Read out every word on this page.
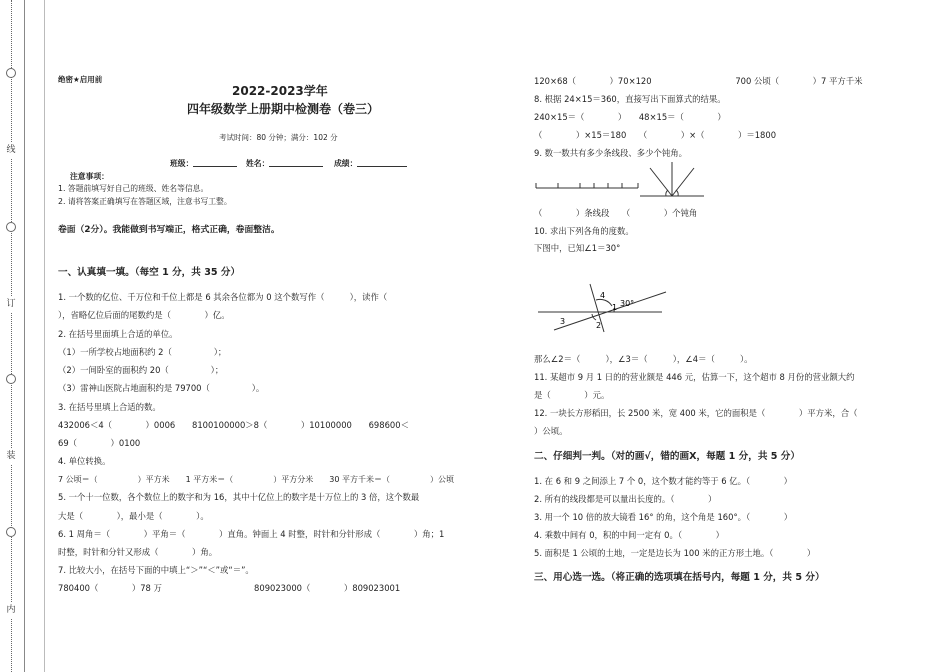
线
订
装
内
绝密★启用前
2022-2023学年
四年级数学上册期中检测卷（卷三）
考试时间：80 分钟；满分：102 分
班级：	姓名：	成绩：
注意事项：
1. 答题前填写好自己的班级、姓名等信息。
2. 请将答案正确填写在答题区域，注意书写工整。
卷面（2分）。我能做到书写端正，格式正确，卷面整洁。
一、认真填一填。（每空 1 分，共 35 分）
1. 一个数的亿位、千万位和千位上都是 6 其余各位都为 0 这个数写作（　　　），读作（
），省略亿位后面的尾数约是（　　　　）亿。
2. 在括号里面填上合适的单位。
（1）一所学校占地面积约 2（　　　　　）；
（2）一间卧室的面积约 20（　　　　　）；
（3）雷神山医院占地面积约是 79700（　　　　　）。
3. 在括号里填上合适的数。
432006＜4（　　　　）0006　　8100100000＞8（　　　　）10100000　　698600＜
69（　　　　）0100
4. 单位转换。
7 公顷＝（　　　　　）平方米　　1 平方米＝（　　　　　）平方分米　　30 平方千米＝（　　　　　）公顷
5. 一个十一位数，各个数位上的数字和为 16，其中十亿位上的数字是十万位上的 3 倍，这个数最
大是（　　　　），最小是（　　　　）。
6. 1 周角＝（　　　　）平角＝（　　　　）直角。钟面上 4 时整，时针和分针形成（　　　　）角；1
时整，时针和分针又形成（　　　　）角。
7. 比较大小，在括号下面的中填上“＞”“＜”或“＝”。
780400（　　　　）78 万　　　　　　　　　　　809023000（　　　　）809023001
120×68（　　　　）70×120　　　　　　　　　　700 公顷（　　　　）7 平方千米
8. 根据 24×15＝360，直接写出下面算式的结果。
240×15＝（　　　　）　　48×15＝（　　　　）
（　　　　）×15＝180　　（　　　　）×（　　　　）＝1800
9. 数一数共有多少条线段、多少个钝角。
（　　　　）条线段　　（　　　　）个钝角
10. 求出下列各角的度数。
下图中，已知∠1＝30°
4
1 30°
3	2
那么∠2＝（　　　），∠3＝（　　　），∠4＝（　　　）。
11. 某超市 9 月 1 日的的营业额是 446 元，估算一下，这个超市 8 月份的营业额大约
是（　　　　）元。
12. 一块长方形稻田，长 2500 米，宽 400 米，它的面积是（　　　　）平方米，合（
）公顷。
二、仔细判一判。（对的画√，错的画X，每题 1 分，共 5 分）
1. 在 6 和 9 之间添上 7 个 0，这个数才能约等于 6 亿。（　　　　）
2. 所有的线段都是可以量出长度的。（　　　　）
3. 用一个 10 倍的放大镜看 16° 的角，这个角是 160°。（　　　　）
4. 乘数中间有 0，积的中间一定有 0。（　　　　）
5. 面积是 1 公顷的土地，一定是边长为 100 米的正方形土地。（　　　　）
三、用心选一选。（将正确的选项填在括号内，每题 1 分，共 5 分）
